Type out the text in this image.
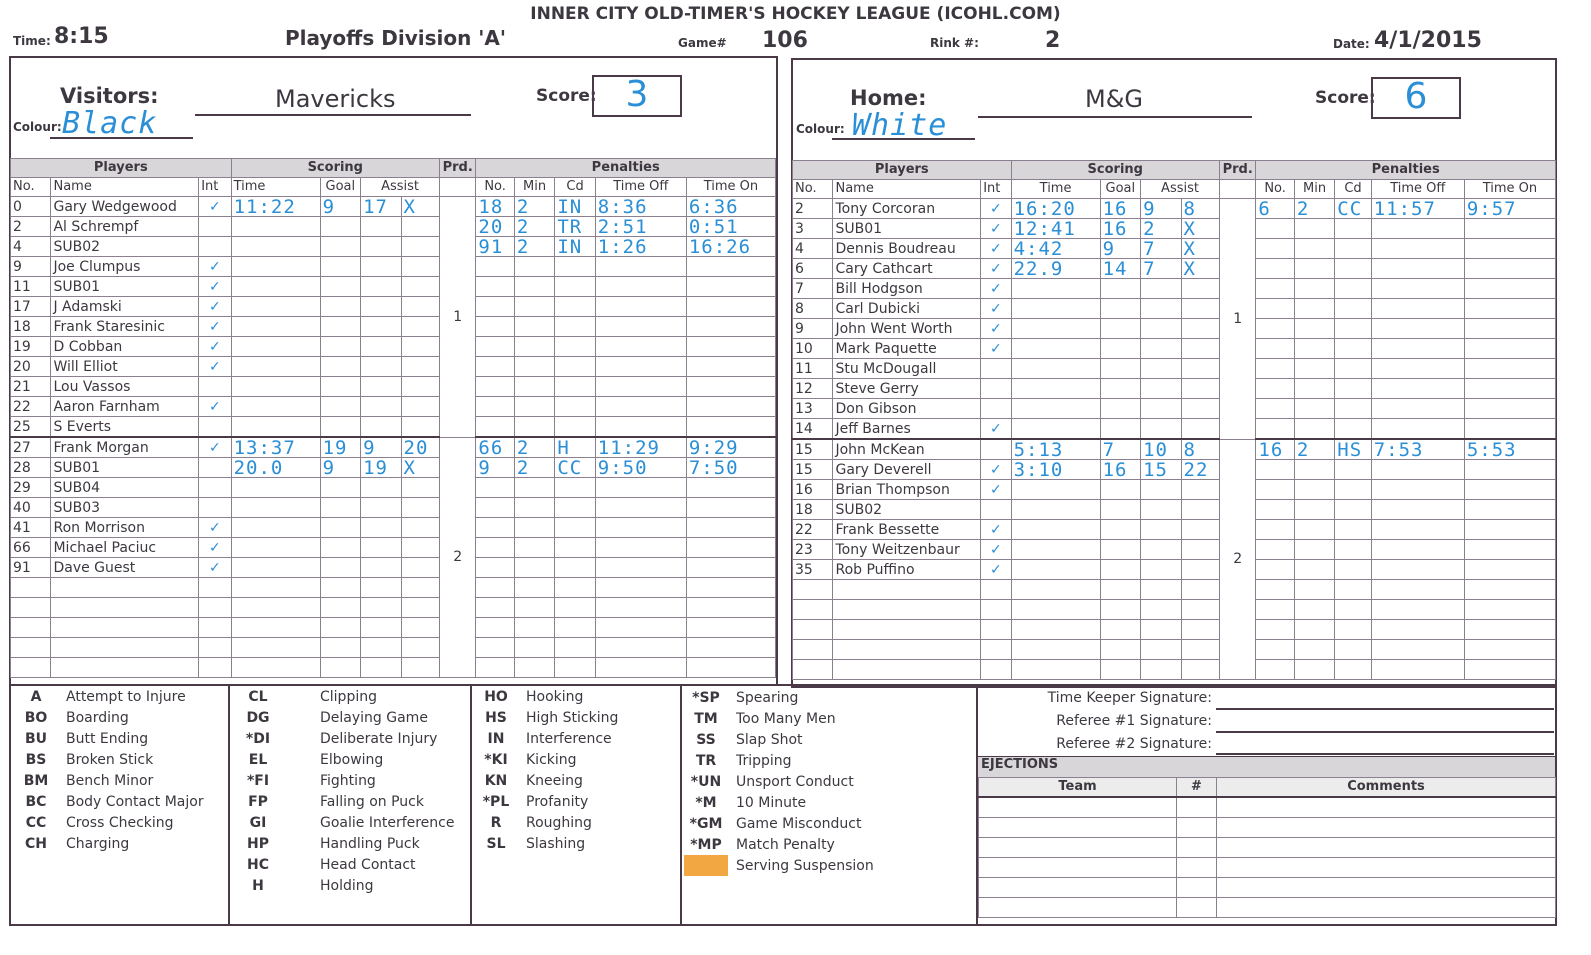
INNER CITY OLD-TIMER'S HOCKEY LEAGUE (ICOHL.COM)
Time: 8:15	Playoffs Division 'A'	Game# 106	Rink #:	2	Date: 4/1/2015
Visitors:	Mavericks
Colour: Black
Score: 3
Players			Scoring				Prd.	Penalties				
No.	Name	Int	Time	Goal	Assist			No.	Min	Cd	Time Off	Time On
0	Gary Wedgewood	✓	11:22	9	17	X	1	18	2	IN	8:36	6:36
2	Al Schrempf							20	2	TR	2:51	0:51
4	SUB02							91	2	IN	1:26	16:26
9	Joe Clumpus	✓										
11	SUB01	✓										
17	J Adamski	✓										
18	Frank Staresinic	✓										
19	D Cobban	✓										
20	Will Elliot	✓										
21	Lou Vassos											
22	Aaron Farnham	✓										
25	S Everts											
27	Frank Morgan	✓	13:37	19	9	20	2	66	2	H	11:29	9:29
28	SUB01		20.0	9	19	X		9	2	CC	9:50	7:50
29	SUB04											
40	SUB03											
41	Ron Morrison	✓										
66	Michael Paciuc	✓										
91	Dave Guest	✓										

Home:	M&G
Colour: White
Score: 6
Players			Scoring				Prd.	Penalties				
No.	Name	Int	Time	Goal	Assist			No.	Min	Cd	Time Off	Time On
2	Tony Corcoran	✓	16:20	16	9	8	1	6	2	CC	11:57	9:57
3	SUB01	✓	12:41	16	2	X						
4	Dennis Boudreau	✓	4:42	9	7	X						
6	Cary Cathcart	✓	22.9	14	7	X						
7	Bill Hodgson	✓										
8	Carl Dubicki	✓										
9	John Went Worth	✓										
10	Mark Paquette	✓										
11	Stu McDougall											
12	Steve Gerry											
13	Don Gibson											
14	Jeff Barnes	✓										
15	John McKean		5:13	7	10	8	2	16	2	HS	7:53	5:53
15	Gary Deverell	✓	3:10	16	15	22						
16	Brian Thompson	✓										
18	SUB02											
22	Frank Bessette	✓										
23	Tony Weitzenbaur	✓										
35	Rob Puffino	✓										

A	Attempt to Injure
BO	Boarding
BU	Butt Ending
BS	Broken Stick
BM	Bench Minor
BC	Body Contact Major
CC	Cross Checking
CH	Charging
CL	Clipping
DG	Delaying Game
*DI	Deliberate Injury
EL	Elbowing
*FI	Fighting
FP	Falling on Puck
GI	Goalie Interference
HP	Handling Puck
HC	Head Contact
H	Holding
HO	Hooking
HS	High Sticking
IN	Interference
*KI	Kicking
KN	Kneeing
*PL	Profanity
R	Roughing
SL	Slashing
*SP	Spearing
TM	Too Many Men
SS	Slap Shot
TR	Tripping
*UN	Unsport Conduct
*M	10 Minute
*GM	Game Misconduct
*MP	Match Penalty
	Serving Suspension
Time Keeper Signature:
Referee #1 Signature:
Referee #2 Signature:
EJECTIONS
Team	#	Comments
